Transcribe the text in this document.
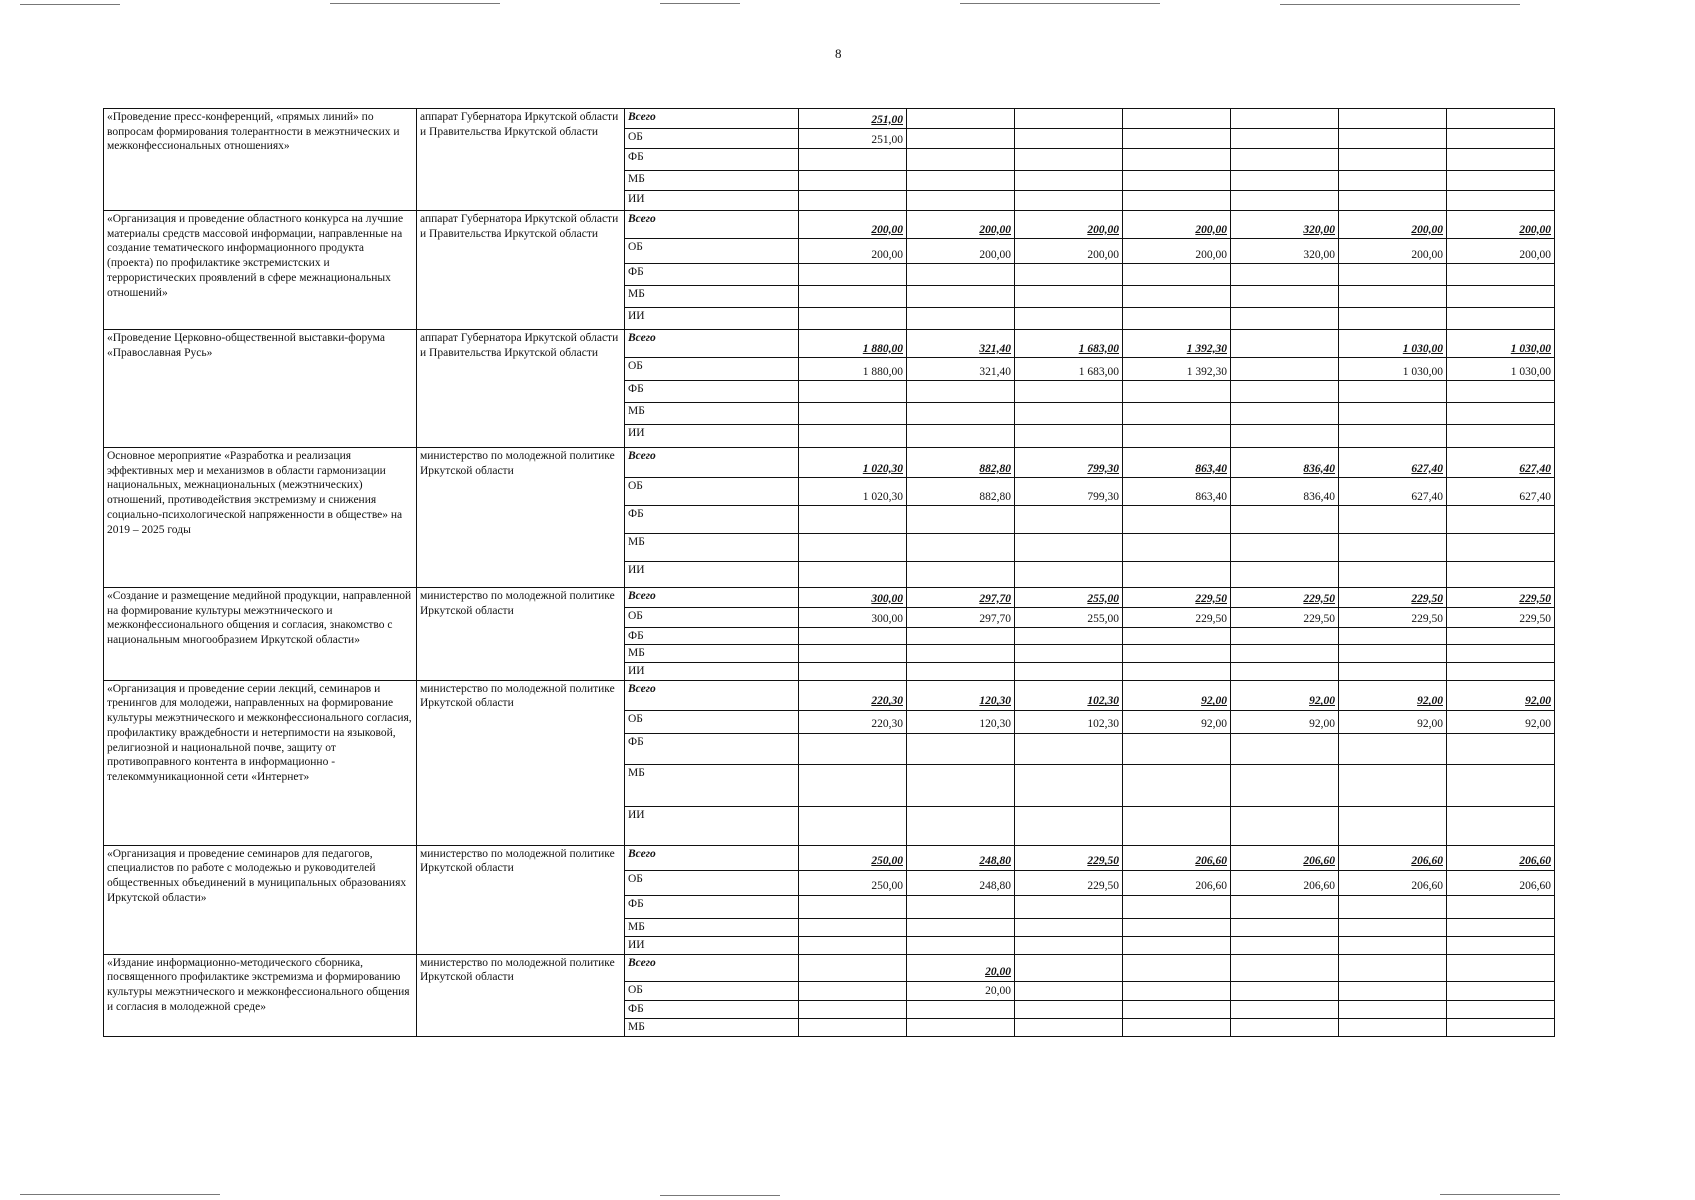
8
«Проведение пресс-конференций, «прямых линий» по вопросам формирования толерантности в межэтнических и межконфессиональных отношениях»	аппарат Губернатора Иркутской области и Правительства Иркутской области	Всего	251,00						
		ОБ	251,00						
		ФБ							
		МБ							
		ИИ							
«Организация и проведение областного конкурса на лучшие материалы средств массовой информации, направленные на создание тематического информационного продукта (проекта) по профилактике экстремистских и террористических проявлений в сфере межнациональных отношений»	аппарат Губернатора Иркутской области и Правительства Иркутской области	Всего	200,00	200,00	200,00	200,00	320,00	200,00	200,00
		ОБ	200,00	200,00	200,00	200,00	320,00	200,00	200,00
		ФБ							
		МБ							
		ИИ							
«Проведение Церковно-общественной выставки-форума «Православная Русь»	аппарат Губернатора Иркутской области и Правительства Иркутской области	Всего	1 880,00	321,40	1 683,00	1 392,30		1 030,00	1 030,00
		ОБ	1 880,00	321,40	1 683,00	1 392,30		1 030,00	1 030,00
		ФБ							
		МБ							
		ИИ							
Основное мероприятие «Разработка и реализация эффективных мер и механизмов в области гармонизации национальных, межнациональных (межэтнических) отношений, противодействия экстремизму и снижения социально-психологической напряженности в обществе» на 2019 – 2025 годы	министерство по молодежной политике Иркутской области	Всего	1 020,30	882,80	799,30	863,40	836,40	627,40	627,40
		ОБ	1 020,30	882,80	799,30	863,40	836,40	627,40	627,40
		ФБ							
		МБ							
		ИИ							
«Создание и размещение медийной продукции, направленной на формирование культуры межэтнического и межконфессионального общения и согласия, знакомство с национальным многообразием Иркутской области»	министерство по молодежной политике Иркутской области	Всего	300,00	297,70	255,00	229,50	229,50	229,50	229,50
		ОБ	300,00	297,70	255,00	229,50	229,50	229,50	229,50
		ФБ							
		МБ							
		ИИ							
«Организация и проведение серии лекций, семинаров и тренингов для молодежи, направленных на формирование культуры межэтнического и межконфессионального согласия, профилактику враждебности и нетерпимости на языковой, религиозной и национальной почве, защиту от противоправного контента в информационно - телекоммуникационной сети «Интернет»	министерство по молодежной политике Иркутской области	Всего	220,30	120,30	102,30	92,00	92,00	92,00	92,00
		ОБ	220,30	120,30	102,30	92,00	92,00	92,00	92,00
		ФБ							
		МБ							
		ИИ							
«Организация и проведение семинаров для педагогов, специалистов по работе с молодежью и руководителей общественных объединений в муниципальных образованиях Иркутской области»	министерство по молодежной политике Иркутской области	Всего	250,00	248,80	229,50	206,60	206,60	206,60	206,60
		ОБ	250,00	248,80	229,50	206,60	206,60	206,60	206,60
		ФБ							
		МБ							
		ИИ							
«Издание информационно-методического сборника, посвященного профилактике экстремизма и формированию культуры межэтнического и межконфессионального общения и согласия в молодежной среде»	министерство по молодежной политике Иркутской области	Всего		20,00					
		ОБ		20,00					
		ФБ							
		МБ							
